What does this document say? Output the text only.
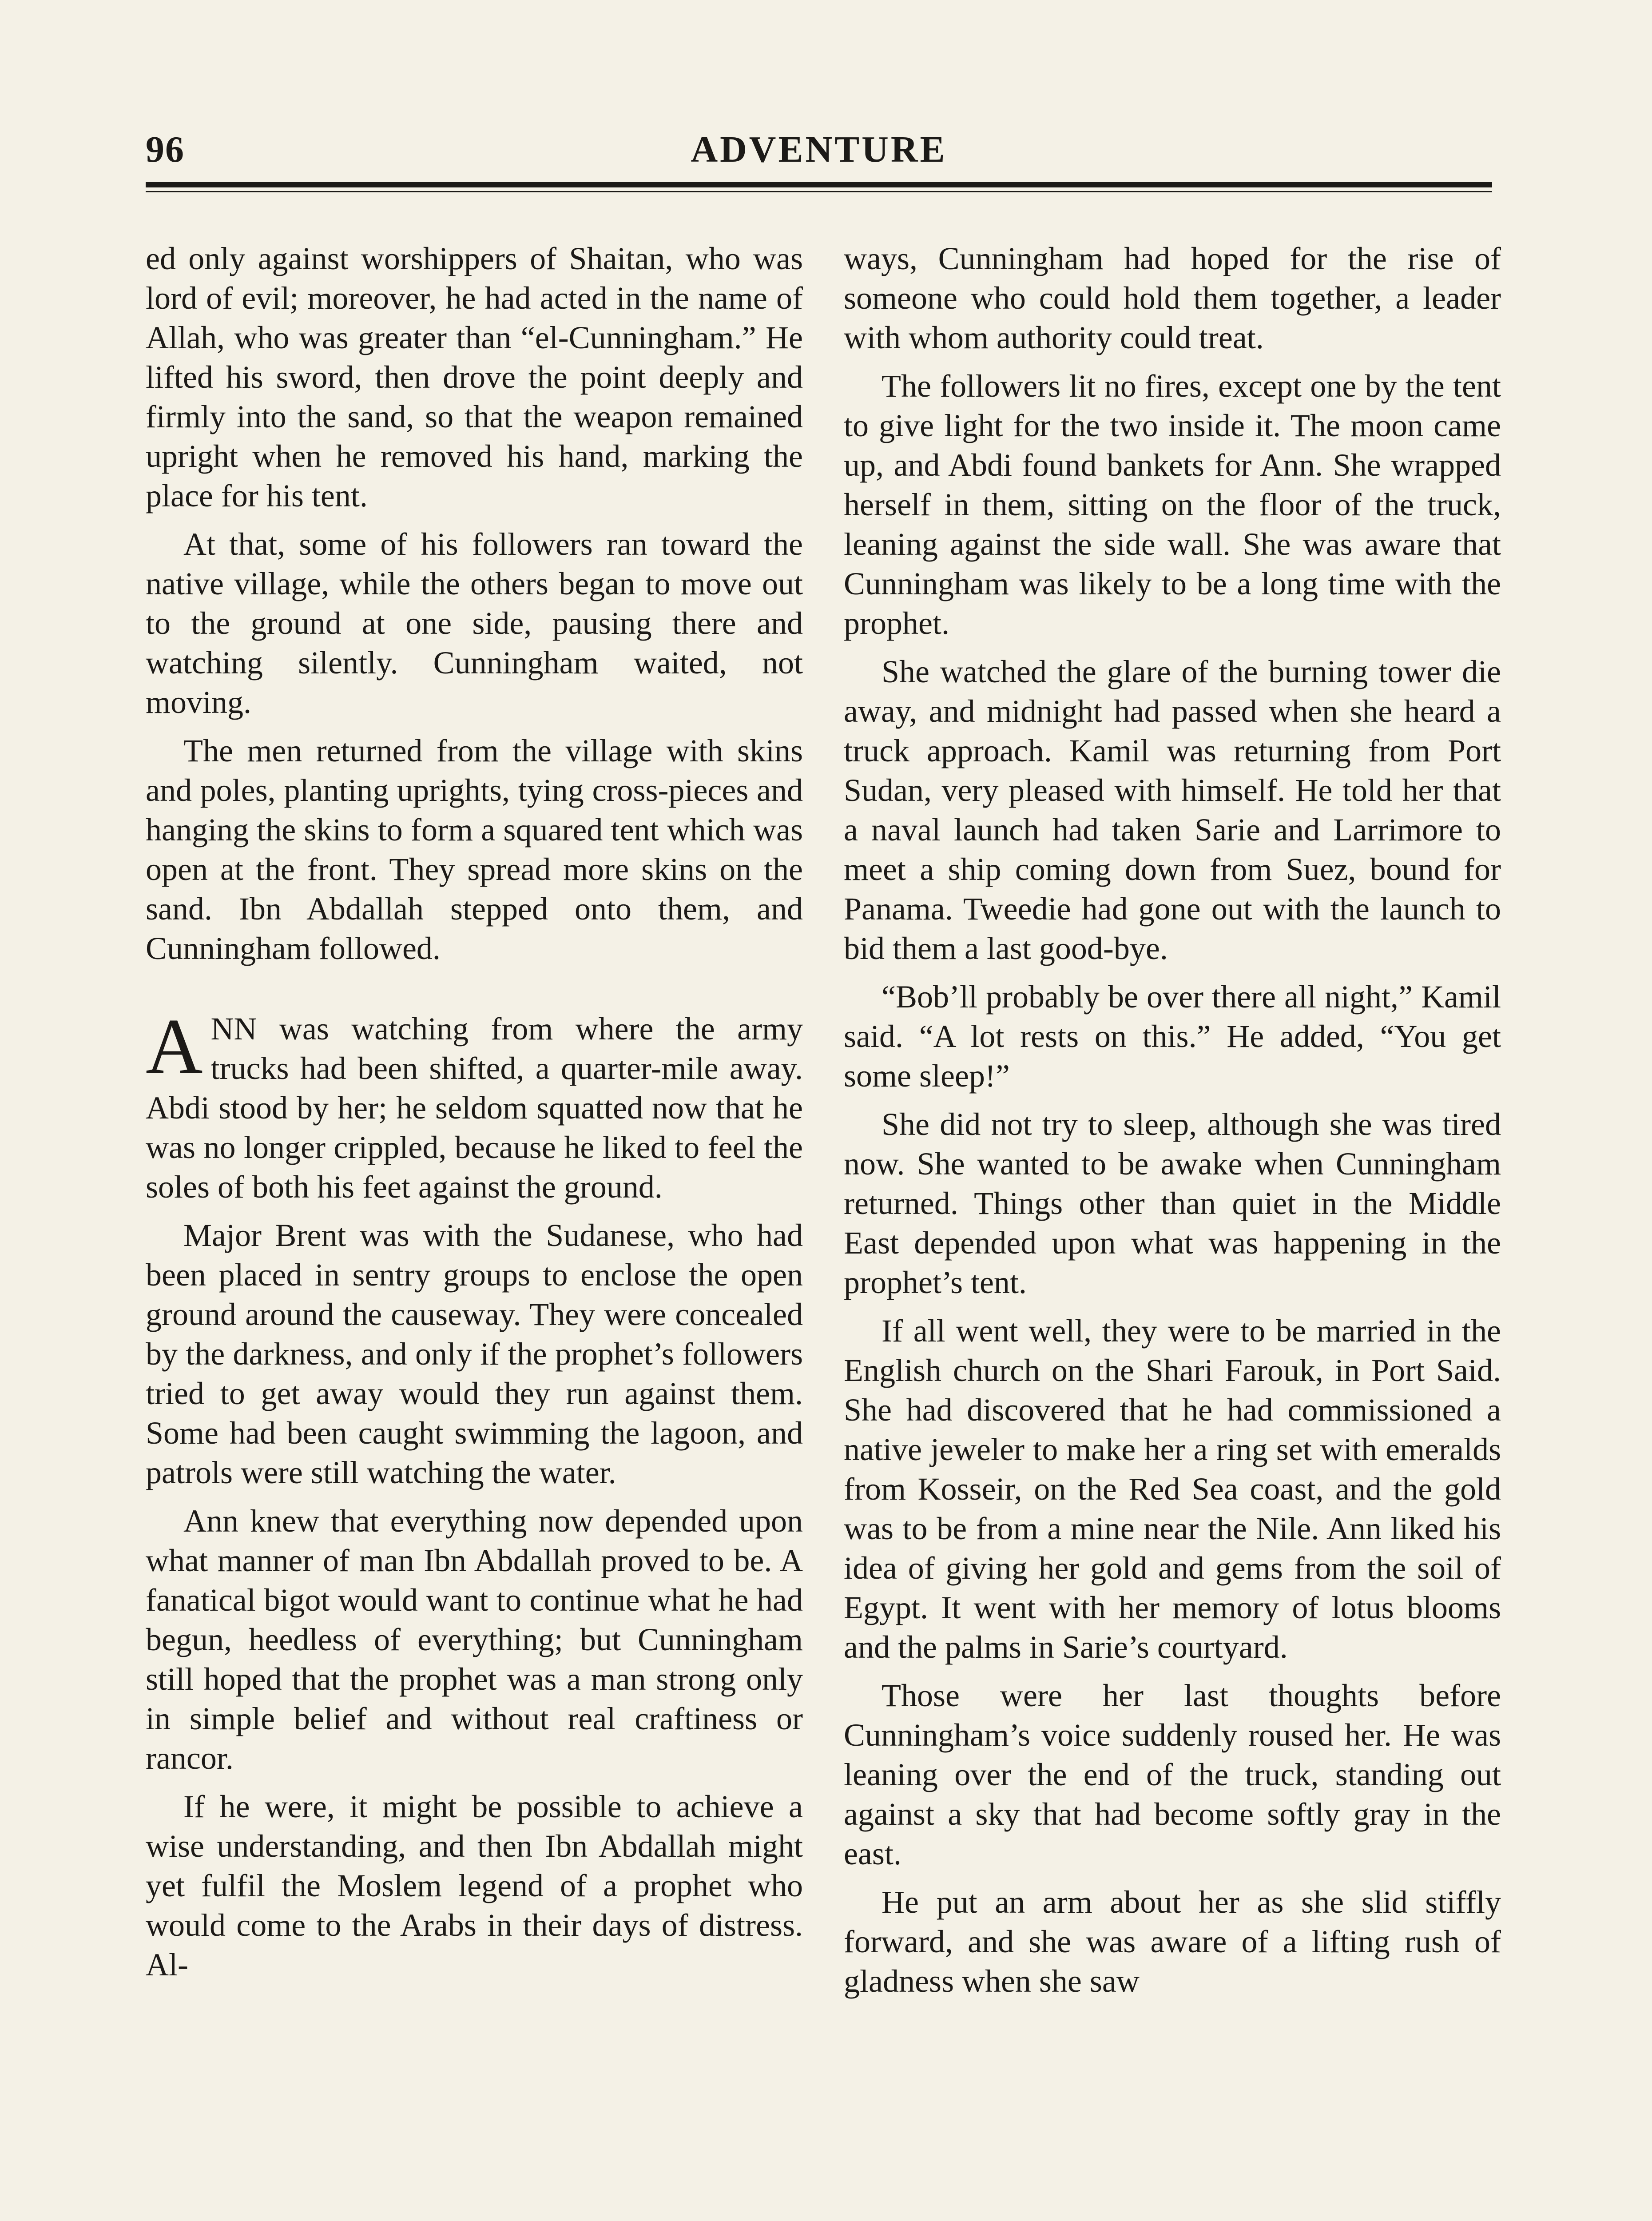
96	ADVENTURE

ed only against worshippers of Shaitan, who was lord of evil; moreover, he had acted in the name of Allah, who was greater than “el-Cunningham.” He lifted his sword, then drove the point deeply and firmly into the sand, so that the weapon remained upright when he removed his hand, marking the place for his tent.

At that, some of his followers ran toward the native village, while the others began to move out to the ground at one side, pausing there and watching silently. Cunningham waited, not moving.

The men returned from the village with skins and poles, planting uprights, tying cross-pieces and hanging the skins to form a squared tent which was open at the front. They spread more skins on the sand. Ibn Abdallah stepped onto them, and Cunningham followed.

ANN was watching from where the army trucks had been shifted, a quarter-mile away. Abdi stood by her; he seldom squatted now that he was no longer crippled, because he liked to feel the soles of both his feet against the ground.

Major Brent was with the Sudanese, who had been placed in sentry groups to enclose the open ground around the causeway. They were concealed by the darkness, and only if the prophet’s followers tried to get away would they run against them. Some had been caught swimming the lagoon, and patrols were still watching the water.

Ann knew that everything now depended upon what manner of man Ibn Abdallah proved to be. A fanatical bigot would want to continue what he had begun, heedless of everything; but Cunningham still hoped that the prophet was a man strong only in simple belief and without real craftiness or rancor.

If he were, it might be possible to achieve a wise understanding, and then Ibn Abdallah might yet fulfil the Moslem legend of a prophet who would come to the Arabs in their days of distress. Al-

ways, Cunningham had hoped for the rise of someone who could hold them together, a leader with whom authority could treat.

The followers lit no fires, except one by the tent to give light for the two inside it. The moon came up, and Abdi found bankets for Ann. She wrapped herself in them, sitting on the floor of the truck, leaning against the side wall. She was aware that Cunningham was likely to be a long time with the prophet.

She watched the glare of the burning tower die away, and midnight had passed when she heard a truck approach. Kamil was returning from Port Sudan, very pleased with himself. He told her that a naval launch had taken Sarie and Larrimore to meet a ship coming down from Suez, bound for Panama. Tweedie had gone out with the launch to bid them a last good-bye.

“Bob’ll probably be over there all night,” Kamil said. “A lot rests on this.” He added, “You get some sleep!”

She did not try to sleep, although she was tired now. She wanted to be awake when Cunningham returned. Things other than quiet in the Middle East depended upon what was happening in the prophet’s tent.

If all went well, they were to be married in the English church on the Shari Farouk, in Port Said. She had discovered that he had commissioned a native jeweler to make her a ring set with emeralds from Kosseir, on the Red Sea coast, and the gold was to be from a mine near the Nile. Ann liked his idea of giving her gold and gems from the soil of Egypt. It went with her memory of lotus blooms and the palms in Sarie’s courtyard.

Those were her last thoughts before Cunningham’s voice suddenly roused her. He was leaning over the end of the truck, standing out against a sky that had become softly gray in the east.

He put an arm about her as she slid stiffly forward, and she was aware of a lifting rush of gladness when she saw
